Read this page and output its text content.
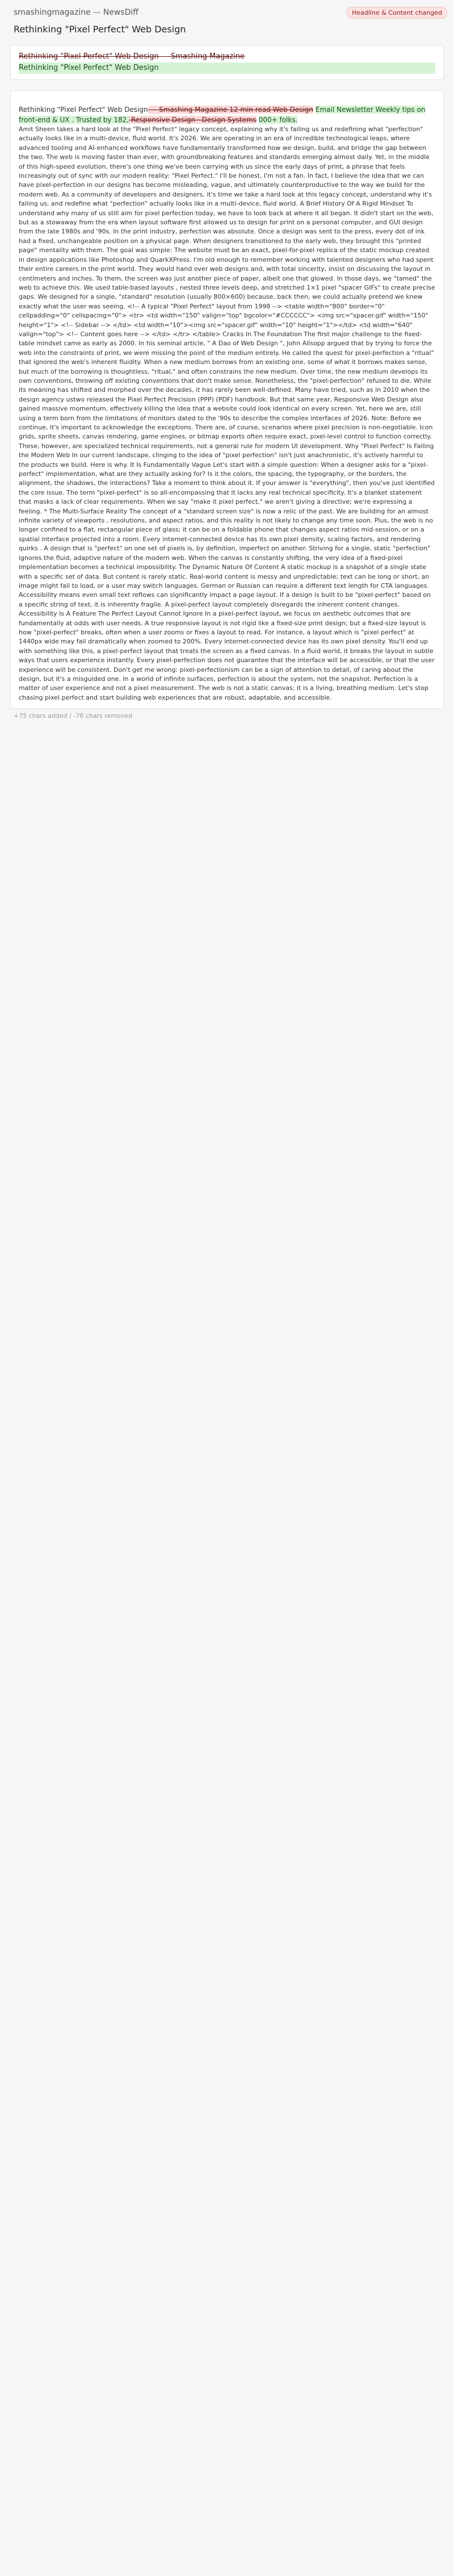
smashingmagazine — NewsDiff	Headline & Content changed
Rethinking "Pixel Perfect" Web Design
Rethinking "Pixel Perfect" Web Design — Smashing Magazine
Rethinking "Pixel Perfect" Web Design
Rethinking "Pixel Perfect" Web Design — Smashing Magazine 12 min read Web Design Email Newsletter Weekly tips on front-end & UX . Trusted by 182, Responsive Design · Design Systems 000+ folks.
Amit Sheen takes a hard look at the "Pixel Perfect" legacy concept, explaining why it's failing us and redefining what "perfection" actually looks like in a multi-device, fluid world. It's 2026. We are operating in an era of incredible technological leaps, where advanced tooling and AI-enhanced workflows have fundamentally transformed how we design, build, and bridge the gap between the two. The web is moving faster than ever, with groundbreaking features and standards emerging almost daily. Yet, in the middle of this high-speed evolution, there's one thing we've been carrying with us since the early days of print, a phrase that feels increasingly out of sync with our modern reality: "Pixel Perfect." I'll be honest, I'm not a fan. In fact, I believe the idea that we can have pixel-perfection in our designs has become misleading, vague, and ultimately counterproductive to the way we build for the modern web. As a community of developers and designers, it's time we take a hard look at this legacy concept, understand why it's failing us, and redefine what "perfection" actually looks like in a multi-device, fluid world. A Brief History Of A Rigid Mindset To understand why many of us still aim for pixel perfection today, we have to look back at where it all began. It didn't start on the web, but as a stowaway from the era when layout software first allowed us to design for print on a personal computer, and GUI design from the late 1980s and '90s. In the print industry, perfection was absolute. Once a design was sent to the press, every dot of ink had a fixed, unchangeable position on a physical page. When designers transitioned to the early web, they brought this "printed page" mentality with them. The goal was simple: The website must be an exact, pixel-for-pixel replica of the static mockup created in design applications like Photoshop and QuarkXPress. I'm old enough to remember working with talented designers who had spent their entire careers in the print world. They would hand over web designs and, with total sincerity, insist on discussing the layout in centimeters and inches. To them, the screen was just another piece of paper, albeit one that glowed. In those days, we "tamed" the web to achieve this. We used table-based layouts , nested three levels deep, and stretched 1×1 pixel "spacer GIFs" to create precise gaps. We designed for a single, "standard" resolution (usually 800×600) because, back then, we could actually pretend we knew exactly what the user was seeing. <!-- A typical "Pixel Perfect" layout from 1998 --> <table width="800" border="0" cellpadding="0" cellspacing="0"> <tr> <td width="150" valign="top" bgcolor="#CCCCCC"> <img src="spacer.gif" width="150" height="1"> <!-- Sidebar --> </td> <td width="10"><img src="spacer.gif" width="10" height="1"></td> <td width="640" valign="top"> <!-- Content goes here --> </td> </tr> </table> Cracks In The Foundation The first major challenge to the fixed-table mindset came as early as 2000. In his seminal article, " A Dao of Web Design ", John Allsopp argued that by trying to force the web into the constraints of print, we were missing the point of the medium entirely. He called the quest for pixel-perfection a "ritual" that ignored the web's inherent fluidity. When a new medium borrows from an existing one, some of what it borrows makes sense, but much of the borrowing is thoughtless, "ritual," and often constrains the new medium. Over time, the new medium develops its own conventions, throwing off existing conventions that don't make sense. Nonetheless, the "pixel-perfection" refused to die. While its meaning has shifted and morphed over the decades, it has rarely been well-defined. Many have tried, such as in 2010 when the design agency ustwo released the Pixel Perfect Precision (PPP) (PDF) handbook. But that same year, Responsive Web Design also gained massive momentum, effectively killing the idea that a website could look identical on every screen. Yet, here we are, still using a term born from the limitations of monitors dated to the '90s to describe the complex interfaces of 2026. Note: Before we continue, it's important to acknowledge the exceptions. There are, of course, scenarios where pixel precision is non-negotiable. Icon grids, sprite sheets, canvas rendering, game engines, or bitmap exports often require exact, pixel-level control to function correctly. These, however, are specialized technical requirements, not a general rule for modern UI development. Why "Pixel Perfect" Is Failing the Modern Web In our current landscape, clinging to the idea of "pixel perfection" isn't just anachronistic, it's actively harmful to the products we build. Here is why. It Is Fundamentally Vague Let's start with a simple question: When a designer asks for a "pixel-perfect" implementation, what are they actually asking for? Is it the colors, the spacing, the typography, or the borders, the alignment, the shadows, the interactions? Take a moment to think about it. If your answer is "everything", then you've just identified the core issue. The term "pixel-perfect" is so all-encompassing that it lacks any real technical specificity. It's a blanket statement that masks a lack of clear requirements. When we say "make it pixel perfect," we aren't giving a directive; we're expressing a feeling. * The Multi-Surface Reality The concept of a "standard screen size" is now a relic of the past. We are building for an almost infinite variety of viewports , resolutions, and aspect ratios, and this reality is not likely to change any time soon. Plus, the web is no longer confined to a flat, rectangular piece of glass; it can be on a foldable phone that changes aspect ratios mid-session, or on a spatial interface projected into a room. Every internet-connected device has its own pixel density, scaling factors, and rendering quirks . A design that is "perfect" on one set of pixels is, by definition, imperfect on another. Striving for a single, static "perfection" ignores the fluid, adaptive nature of the modern web. When the canvas is constantly shifting, the very idea of a fixed-pixel implementation becomes a technical impossibility. The Dynamic Nature Of Content A static mockup is a snapshot of a single state with a specific set of data. But content is rarely static. Real-world content is messy and unpredictable; text can be long or short, an image might fail to load, or a user may switch languages. German or Russian can require a different text length for CTA languages. Accessibility means even small text reflows can significantly impact a page layout. If a design is built to be "pixel-perfect" based on a specific string of text, it is inherently fragile. A pixel-perfect layout completely disregards the inherent content changes. Accessibility Is A Feature The Perfect Layout Cannot Ignore In a pixel-perfect layout, we focus on aesthetic outcomes that are fundamentally at odds with user needs. A true responsive layout is not rigid like a fixed-size print design; but a fixed-size layout is how "pixel-perfect" breaks, often when a user zooms or fixes a layout to read. For instance, a layout which is "pixel perfect" at 1440px wide may fail dramatically when zoomed to 200%. Every internet-connected device has its own pixel density. You'll end up with something like this, a pixel-perfect layout that treats the screen as a fixed canvas. In a fluid world, it breaks the layout in subtle ways that users experience instantly. Every pixel-perfection does not guarantee that the interface will be accessible, or that the user experience will be consistent. Don't get me wrong: pixel-perfectionism can be a sign of attention to detail, of caring about the design, but it's a misguided one. In a world of infinite surfaces, perfection is about the system, not the snapshot. Perfection is a matter of user experience and not a pixel measurement. The web is not a static canvas; it is a living, breathing medium. Let's stop chasing pixel perfect and start building web experiences that are robust, adaptable, and accessible.
+75 chars added / -78 chars removed
